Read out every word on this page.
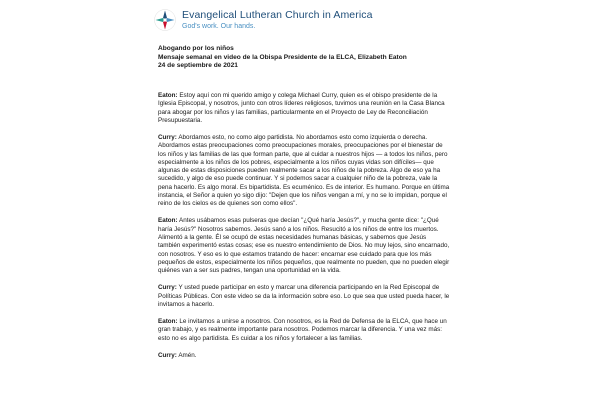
Evangelical Lutheran Church in America
God's work. Our hands.
Abogando por los niños
Mensaje semanal en video de la Obispa Presidente de la ELCA, Elizabeth Eaton
24 de septiembre de 2021

Eaton: Estoy aquí con mi querido amigo y colega Michael Curry, quien es el obispo presidente de la Iglesia Episcopal, y nosotros, junto con otros líderes religiosos, tuvimos una reunión en la Casa Blanca para abogar por los niños y las familias, particularmente en el Proyecto de Ley de Reconciliación Presupuestaria.

Curry: Abordamos esto, no como algo partidista. No abordamos esto como izquierda o derecha. Abordamos estas preocupaciones como preocupaciones morales, preocupaciones por el bienestar de los niños y las familias de las que forman parte, que al cuidar a nuestros hijos — a todos los niños, pero especialmente a los niños de los pobres, especialmente a los niños cuyas vidas son difíciles— que algunas de estas disposiciones pueden realmente sacar a los niños de la pobreza. Algo de eso ya ha sucedido, y algo de eso puede continuar. Y si podemos sacar a cualquier niño de la pobreza, vale la pena hacerlo. Es algo moral. Es bipartidista. Es ecuménico. Es de interior. Es humano. Porque en última instancia, el Señor a quien yo sigo dijo: "Dejen que los niños vengan a mí, y no se lo impidan, porque el reino de los cielos es de quienes son como ellos".

Eaton: Antes usábamos esas pulseras que decían "¿Qué haría Jesús?", y mucha gente dice: "¿Qué haría Jesús?" Nosotros sabemos. Jesús sanó a los niños. Resucitó a los niños de entre los muertos. Alimentó a la gente. Él se ocupó de estas necesidades humanas básicas, y sabemos que Jesús también experimentó estas cosas; ese es nuestro entendimiento de Dios. No muy lejos, sino encarnado, con nosotros. Y eso es lo que estamos tratando de hacer: encarnar ese cuidado para que los más pequeños de estos, especialmente los niños pequeños, que realmente no pueden, que no pueden elegir quiénes van a ser sus padres, tengan una oportunidad en la vida.

Curry: Y usted puede participar en esto y marcar una diferencia participando en la Red Episcopal de Políticas Públicas. Con este video se da la información sobre eso. Lo que sea que usted pueda hacer, le invitamos a hacerlo.

Eaton: Le invitamos a unirse a nosotros. Con nosotros, es la Red de Defensa de la ELCA, que hace un gran trabajo, y es realmente importante para nosotros. Podemos marcar la diferencia. Y una vez más: esto no es algo partidista. Es cuidar a los niños y fortalecer a las familias.

Curry: Amén.
